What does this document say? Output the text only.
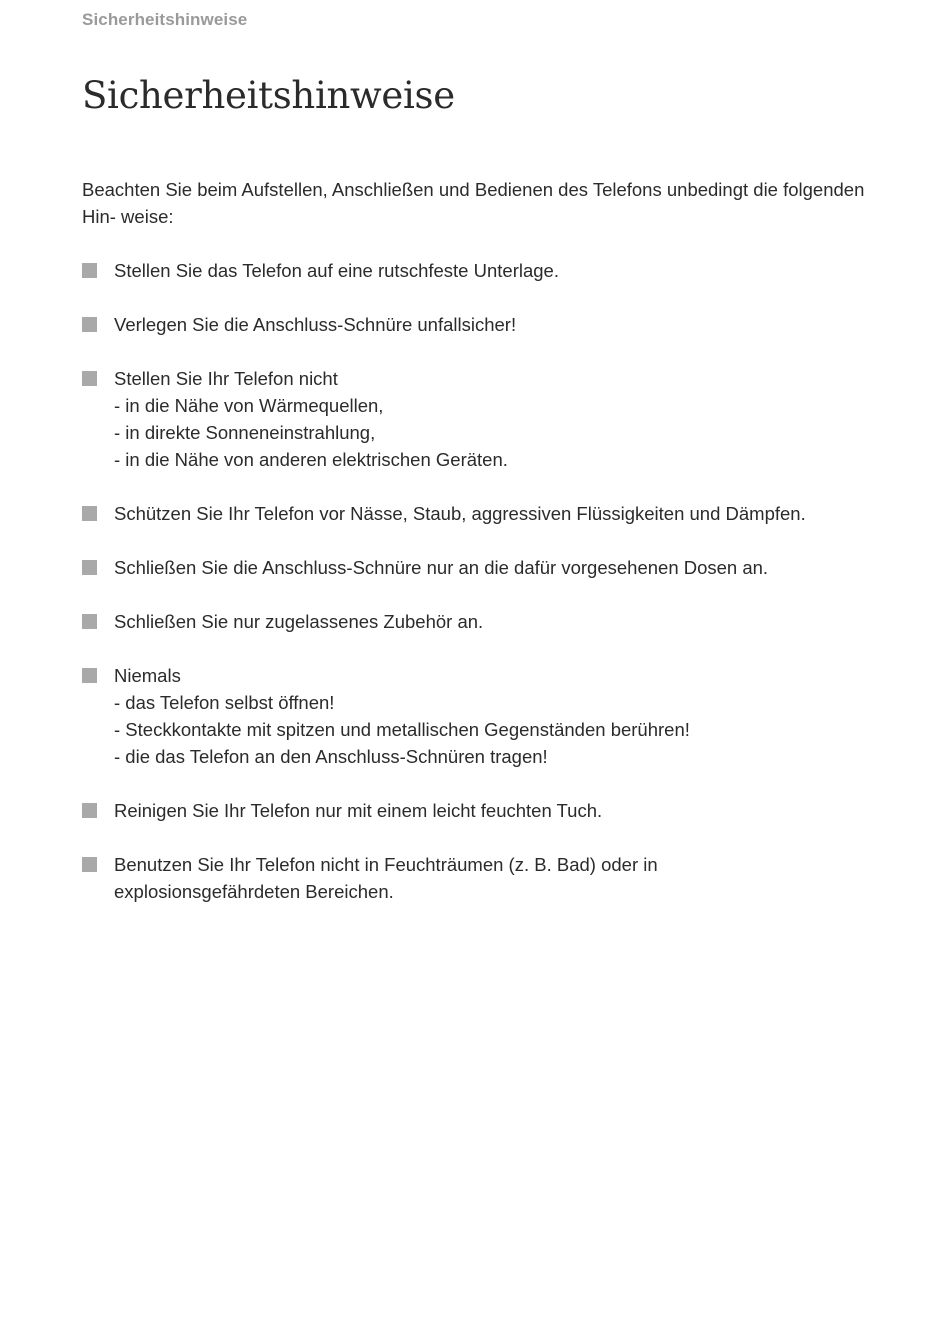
Sicherheitshinweise
Sicherheitshinweise

Beachten Sie beim Aufstellen, Anschließen und Bedienen des Telefons unbedingt die folgenden Hin- weise:

Stellen Sie das Telefon auf eine rutschfeste Unterlage.
Verlegen Sie die Anschluss-Schnüre unfallsicher!
Stellen Sie Ihr Telefon nicht
- in die Nähe von Wärmequellen,
- in direkte Sonneneinstrahlung,
- in die Nähe von anderen elektrischen Geräten.
Schützen Sie Ihr Telefon vor Nässe, Staub, aggressiven Flüssigkeiten und Dämpfen.
Schließen Sie die Anschluss-Schnüre nur an die dafür vorgesehenen Dosen an.
Schließen Sie nur zugelassenes Zubehör an.
Niemals
- das Telefon selbst öffnen!
- Steckkontakte mit spitzen und metallischen Gegenständen berühren!
- die das Telefon an den Anschluss-Schnüren tragen!
Reinigen Sie Ihr Telefon nur mit einem leicht feuchten Tuch.
Benutzen Sie Ihr Telefon nicht in Feuchträumen (z. B. Bad) oder in
explosionsgefährdeten Bereichen.
